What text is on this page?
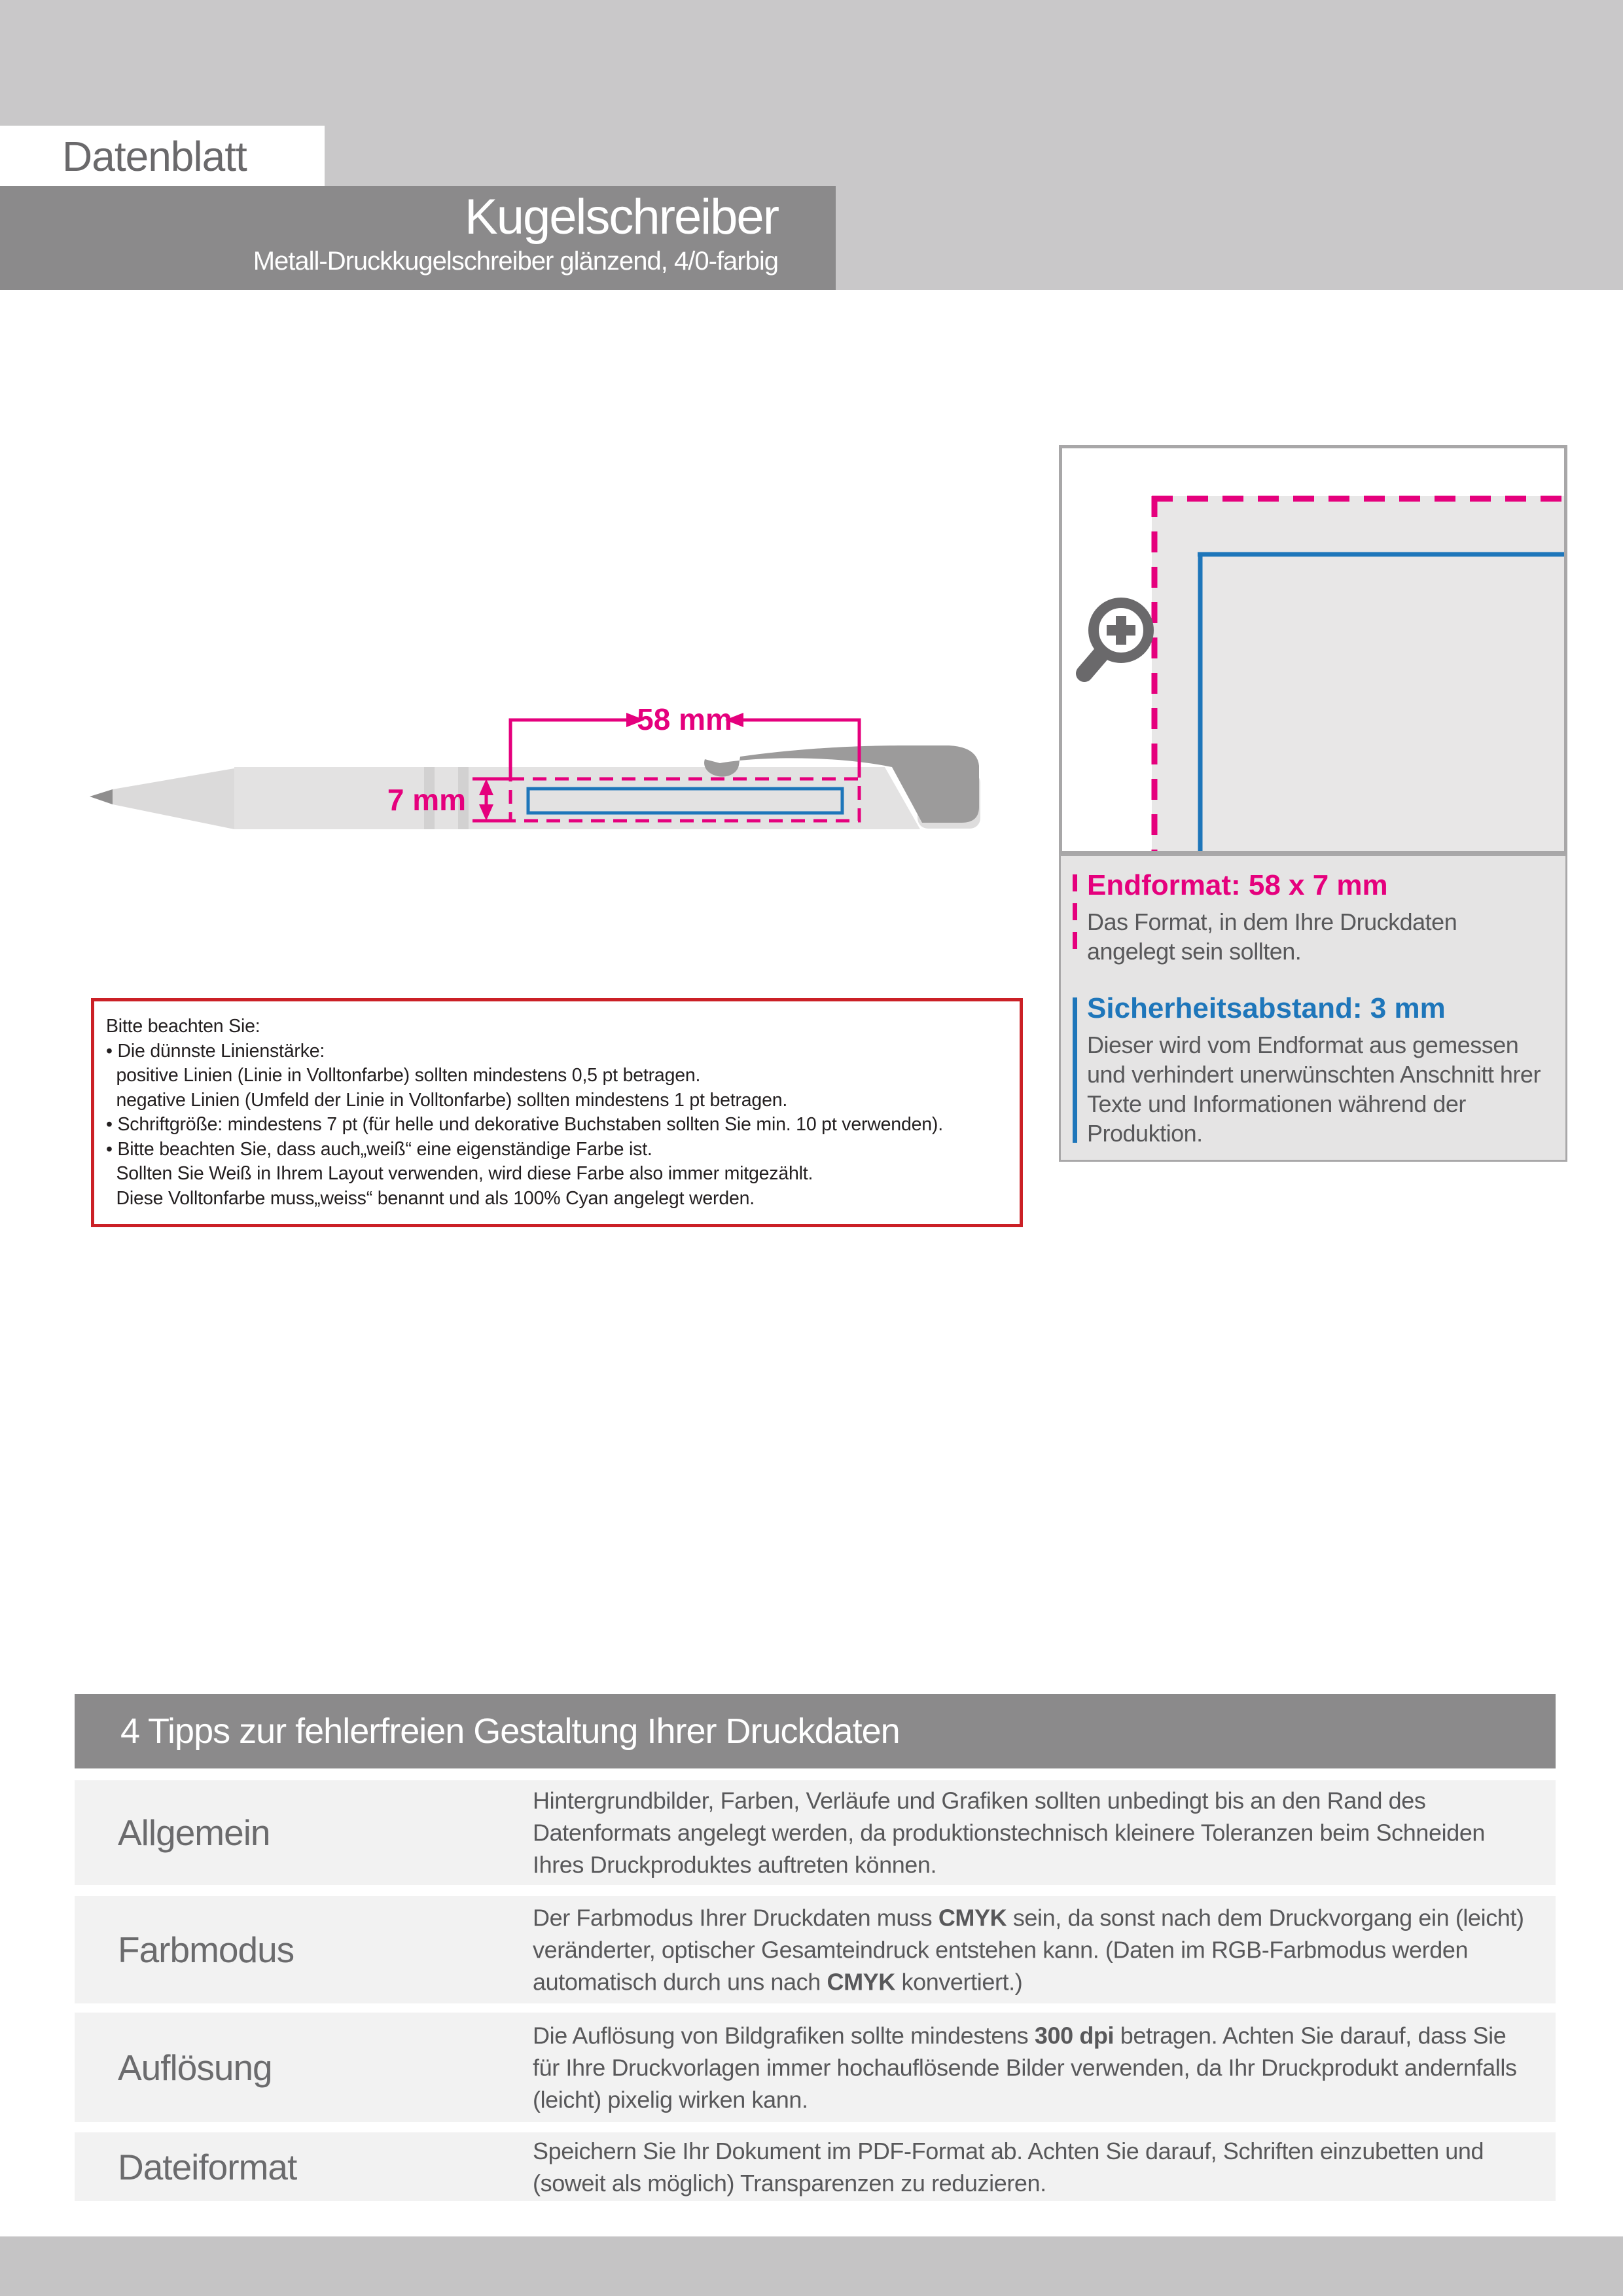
Datenblatt
Kugelschreiber
Metall-Druckkugelschreiber glänzend, 4/0-farbig
58 mm
7 mm
Endformat: 58 x 7 mm

Das Format, in dem Ihre Druckdaten angelegt sein sollten.

Sicherheitsabstand: 3 mm

Dieser wird vom Endformat aus gemessen und verhindert unerwünschten Anschnitt hrer Texte und Informationen während der Produktion.

Bitte beachten Sie:
• Die dünnste Linienstärke:
positive Linien (Linie in Volltonfarbe) sollten mindestens 0,5 pt betragen.
negative Linien (Umfeld der Linie in Volltonfarbe) sollten mindestens 1 pt betragen.
• Schriftgröße: mindestens 7 pt (für helle und dekorative Buchstaben sollten Sie min. 10 pt verwenden).
• Bitte beachten Sie, dass auch„weiß“ eine eigenständige Farbe ist.
Sollten Sie Weiß in Ihrem Layout verwenden, wird diese Farbe also immer mitgezählt.
Diese Volltonfarbe muss„weiss“ benannt und als 100% Cyan angelegt werden.
4 Tipps zur fehlerfreien Gestaltung Ihrer Druckdaten
Allgemein
Hintergrundbilder, Farben, Verläufe und Grafiken sollten unbedingt bis an den Rand des Datenformats angelegt werden, da produktionstechnisch kleinere Toleranzen beim Schneiden Ihres Druckproduktes auftreten können.
Farbmodus
Der Farbmodus Ihrer Druckdaten muss CMYK sein, da sonst nach dem Druckvorgang ein (leicht) veränderter, optischer Gesamteindruck entstehen kann. (Daten im RGB-Farbmodus werden automatisch durch uns nach CMYK konvertiert.)
Auflösung
Die Auflösung von Bildgrafiken sollte mindestens 300 dpi betragen. Achten Sie darauf, dass Sie für Ihre Druckvorlagen immer hochauflösende Bilder verwenden, da Ihr Druckprodukt andernfalls (leicht) pixelig wirken kann.
Dateiformat	Speichern Sie Ihr Dokument im PDF-Format ab. Achten Sie darauf, Schriften einzubetten und (soweit als möglich) Transparenzen zu reduzieren.
